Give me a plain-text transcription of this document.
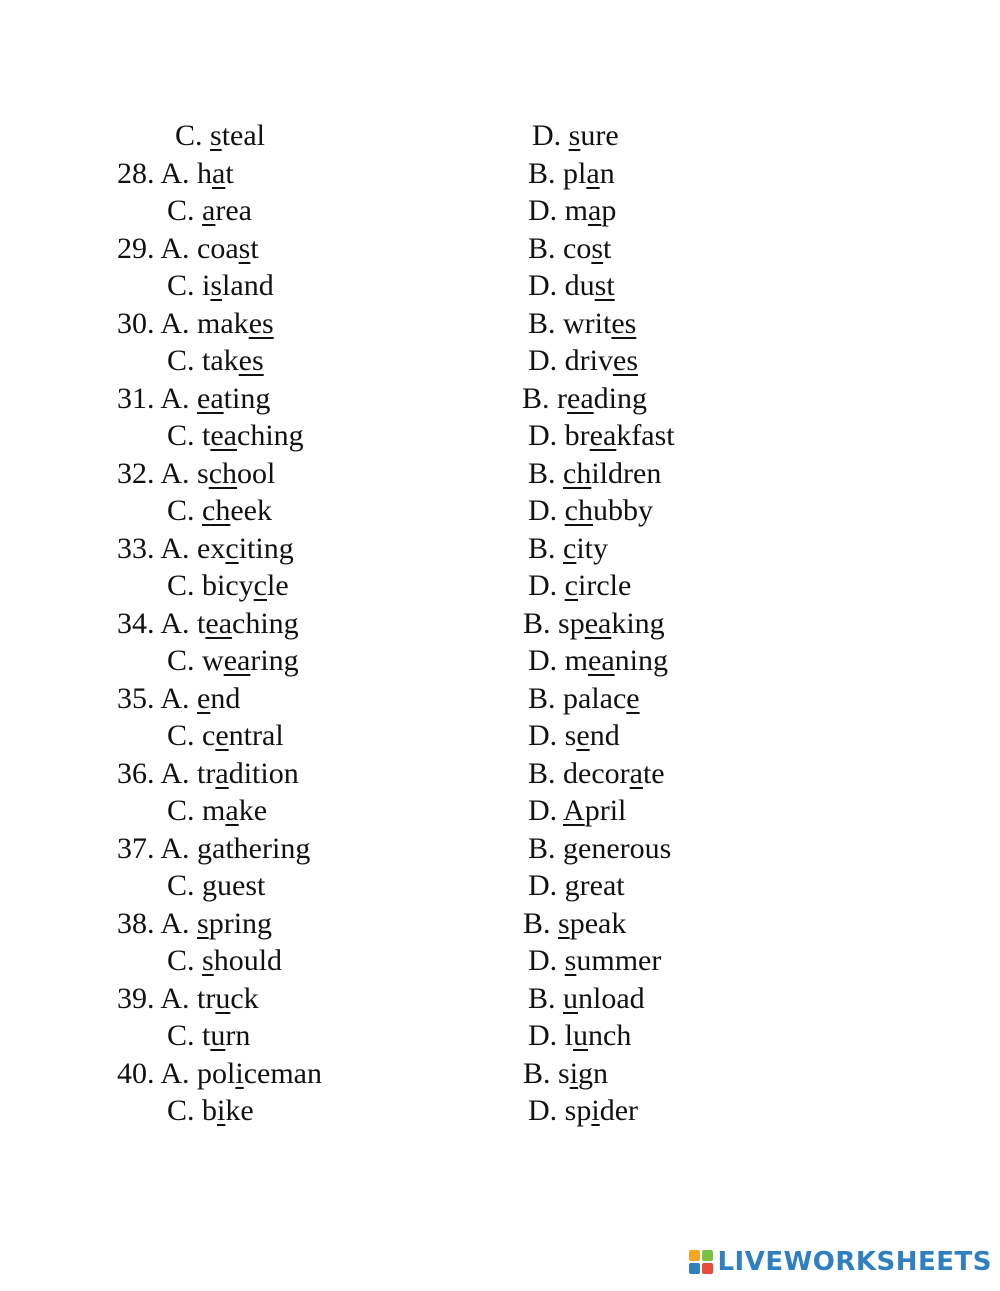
C. steal
28. A. hat
C. area
29. A. coast
C. island
30. A. makes
C. takes
31. A. eating
C. teaching
32. A. school
C. cheek
33. A. exciting
C. bicycle
34. A. teaching
C. wearing
35. A. end
C. central
36. A. tradition
C. make
37. A. gathering
C. guest
38. A. spring
C. should
39. A. truck
C. turn
40. A. policeman
C. bike
D. sure
B. plan
D. map
B. cost
D. dust
B. writes
D. drives
B. reading
D. breakfast
B. children
D. chubby
B. city
D. circle
B. speaking
D. meaning
B. palace
D. send
B. decorate
D. April
B. generous
D. great
B. speak
D. summer
B. unload
D. lunch
B. sign
D. spider
LIVEWORKSHEETS
